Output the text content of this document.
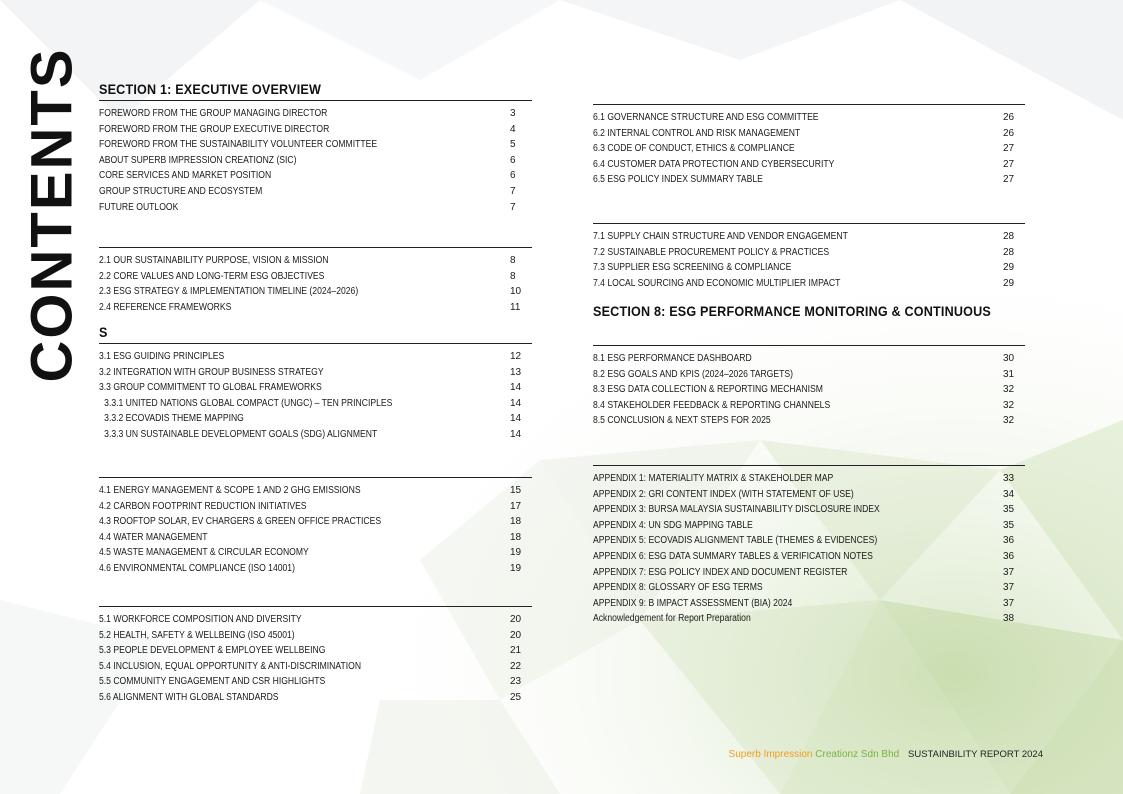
CONTENTS SECTION 1: EXECUTIVE OVERVIEW
FOREWORD FROM THE GROUP MANAGING DIRECTOR	3
FOREWORD FROM THE GROUP EXECUTIVE DIRECTOR	4
FOREWORD FROM THE SUSTAINABILITY VOLUNTEER COMMITTEE	5
ABOUT SUPERB IMPRESSION CREATIONZ (SIC)	6
CORE SERVICES AND MARKET POSITION	6
GROUP STRUCTURE AND ECOSYSTEM	7
FUTURE OUTLOOK	7
2.1 OUR SUSTAINABILITY PURPOSE, VISION & MISSION	8
2.2 CORE VALUES AND LONG-TERM ESG OBJECTIVES	8
2.3 ESG STRATEGY & IMPLEMENTATION TIMELINE (2024–2026)	10
2.4 REFERENCE FRAMEWORKS	11
S
3.1 ESG GUIDING PRINCIPLES	12
3.2 INTEGRATION WITH GROUP BUSINESS STRATEGY	13
3.3 GROUP COMMITMENT TO GLOBAL FRAMEWORKS	14
3.3.1 UNITED NATIONS GLOBAL COMPACT (UNGC) – TEN PRINCIPLES	14
3.3.2 ECOVADIS THEME MAPPING	14
3.3.3 UN SUSTAINABLE DEVELOPMENT GOALS (SDG) ALIGNMENT	14
4.1 ENERGY MANAGEMENT & SCOPE 1 AND 2 GHG EMISSIONS	15
4.2 CARBON FOOTPRINT REDUCTION INITIATIVES	17
4.3 ROOFTOP SOLAR, EV CHARGERS & GREEN OFFICE PRACTICES	18
4.4 WATER MANAGEMENT	18
4.5 WASTE MANAGEMENT & CIRCULAR ECONOMY	19
4.6 ENVIRONMENTAL COMPLIANCE (ISO 14001)	19
5.1 WORKFORCE COMPOSITION AND DIVERSITY	20
5.2 HEALTH, SAFETY & WELLBEING (ISO 45001)	20
5.3 PEOPLE DEVELOPMENT & EMPLOYEE WELLBEING	21
5.4 INCLUSION, EQUAL OPPORTUNITY & ANTI-DISCRIMINATION	22
5.5 COMMUNITY ENGAGEMENT AND CSR HIGHLIGHTS	23
5.6 ALIGNMENT WITH GLOBAL STANDARDS	25
6.1 GOVERNANCE STRUCTURE AND ESG COMMITTEE	26
6.2 INTERNAL CONTROL AND RISK MANAGEMENT	26
6.3 CODE OF CONDUCT, ETHICS & COMPLIANCE	27
6.4 CUSTOMER DATA PROTECTION AND CYBERSECURITY	27
6.5 ESG POLICY INDEX SUMMARY TABLE	27
7.1 SUPPLY CHAIN STRUCTURE AND VENDOR ENGAGEMENT	28
7.2 SUSTAINABLE PROCUREMENT POLICY & PRACTICES	28
7.3 SUPPLIER ESG SCREENING & COMPLIANCE	29
7.4 LOCAL SOURCING AND ECONOMIC MULTIPLIER IMPACT	29
SECTION 8: ESG PERFORMANCE MONITORING & CONTINUOUS
8.1 ESG PERFORMANCE DASHBOARD	30
8.2 ESG GOALS AND KPIS (2024–2026 TARGETS)	31
8.3 ESG DATA COLLECTION & REPORTING MECHANISM	32
8.4 STAKEHOLDER FEEDBACK & REPORTING CHANNELS	32
8.5 CONCLUSION & NEXT STEPS FOR 2025	32
APPENDIX 1: MATERIALITY MATRIX & STAKEHOLDER MAP	33
APPENDIX 2: GRI CONTENT INDEX (WITH STATEMENT OF USE)	34
APPENDIX 3: BURSA MALAYSIA SUSTAINABILITY DISCLOSURE INDEX	35
APPENDIX 4: UN SDG MAPPING TABLE	35
APPENDIX 5: ECOVADIS ALIGNMENT TABLE (THEMES & EVIDENCES)	36
APPENDIX 6: ESG DATA SUMMARY TABLES & VERIFICATION NOTES	36
APPENDIX 7: ESG POLICY INDEX AND DOCUMENT REGISTER	37
APPENDIX 8: GLOSSARY OF ESG TERMS	37
APPENDIX 9: B IMPACT ASSESSMENT (BIA) 2024	37
Acknowledgement for Report Preparation	38
Superb Impression Creationz Sdn Bhd SUSTAINBILITY REPORT 2024
